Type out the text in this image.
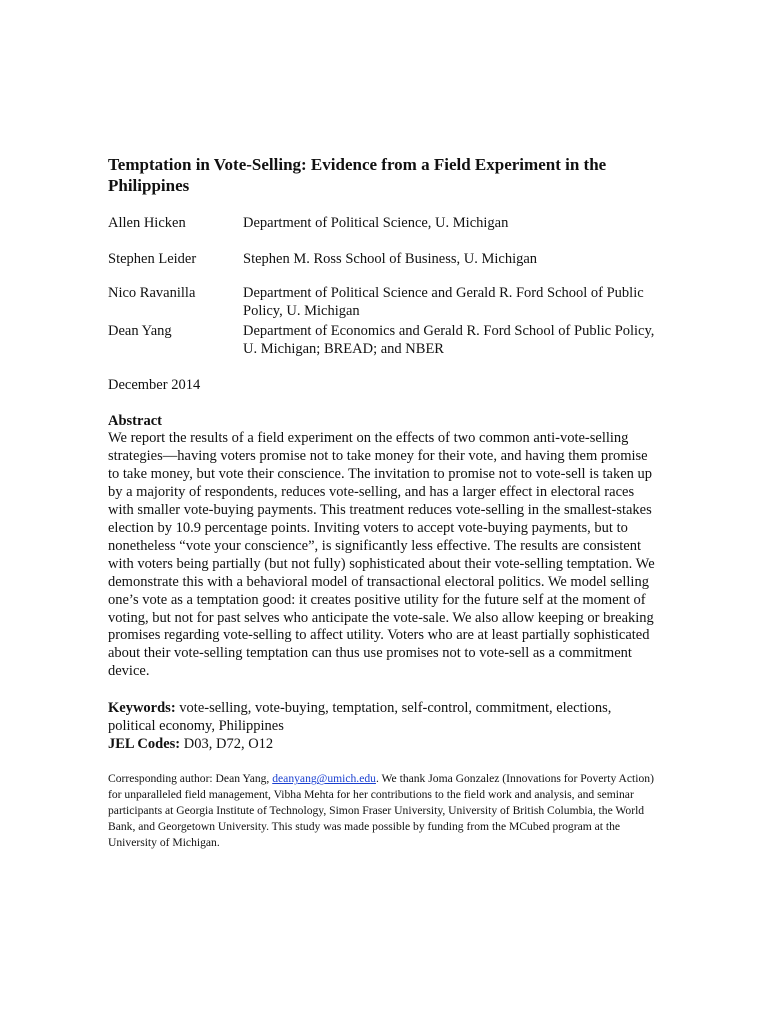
Temptation in Vote-Selling: Evidence from a Field Experiment in the Philippines
Allen Hicken	Department of Political Science, U. Michigan
Stephen Leider	Stephen M. Ross School of Business, U. Michigan
Nico Ravanilla	Department of Political Science and Gerald R. Ford School of Public Policy, U. Michigan
Dean Yang	Department of Economics and Gerald R. Ford School of Public Policy, U. Michigan; BREAD; and NBER
December 2014
Abstract
We report the results of a field experiment on the effects of two common anti-vote-selling strategies—having voters promise not to take money for their vote, and having them promise to take money, but vote their conscience. The invitation to promise not to vote-sell is taken up by a majority of respondents, reduces vote-selling, and has a larger effect in electoral races with smaller vote-buying payments. This treatment reduces vote-selling in the smallest-stakes election by 10.9 percentage points. Inviting voters to accept vote-buying payments, but to nonetheless “vote your conscience”, is significantly less effective. The results are consistent with voters being partially (but not fully) sophisticated about their vote-selling temptation. We demonstrate this with a behavioral model of transactional electoral politics. We model selling one’s vote as a temptation good: it creates positive utility for the future self at the moment of voting, but not for past selves who anticipate the vote-sale. We also allow keeping or breaking promises regarding vote-selling to affect utility. Voters who are at least partially sophisticated about their vote-selling temptation can thus use promises not to vote-sell as a commitment device.
Keywords: vote-selling, vote-buying, temptation, self-control, commitment, elections, political economy, Philippines
JEL Codes: D03, D72, O12
Corresponding author: Dean Yang, deanyang@umich.edu. We thank Joma Gonzalez (Innovations for Poverty Action) for unparalleled field management, Vibha Mehta for her contributions to the field work and analysis, and seminar participants at Georgia Institute of Technology, Simon Fraser University, University of British Columbia, the World Bank, and Georgetown University. This study was made possible by funding from the MCubed program at the University of Michigan.
